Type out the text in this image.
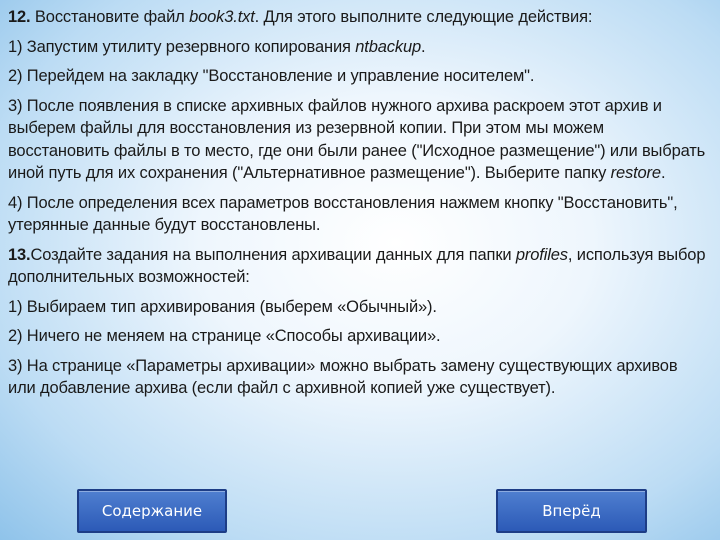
12. Восстановите файл book3.txt. Для этого выполните следующие действия:

1) Запустим утилиту резервного копирования ntbackup.

2) Перейдем на закладку "Восстановление и управление носителем".

3) После появления в списке архивных файлов нужного архива раскроем этот архив и выберем файлы для восстановления из резервной копии. При этом мы можем восстановить файлы в то место, где они были ранее ("Исходное размещение") или выбрать иной путь для их сохранения ("Альтернативное размещение"). Выберите папку restore.

4) После определения всех параметров восстановления нажмем кнопку "Восстановить", утерянные данные будут восстановлены.

13.Создайте задания на выполнения архивации данных для папки profiles, используя выбор дополнительных возможностей:

1) Выбираем тип архивирования (выберем «Обычный»).

2) Ничего не меняем на странице «Способы архивации».

3) На странице «Параметры архивации» можно выбрать замену существующих архивов или добавление архива (если файл с архивной копией уже существует).

Содержание	Вперёд
